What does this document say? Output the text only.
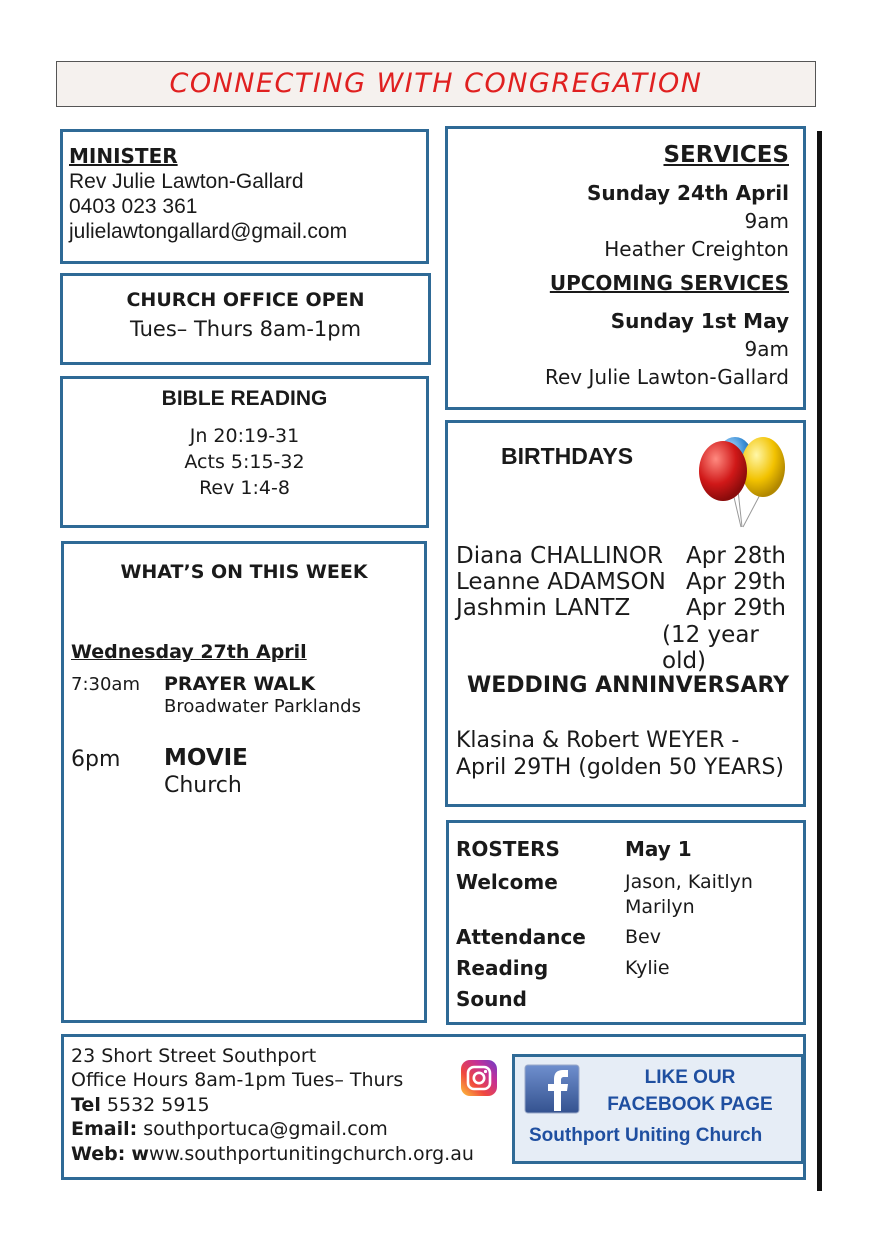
CONNECTING WITH CONGREGATION
MINISTER
Rev Julie Lawton-Gallard
0403 023 361
julielawtongallard@gmail.com
CHURCH OFFICE OPEN
Tues– Thurs 8am-1pm
BIBLE READING
Jn 20:19-31
Acts 5:15-32
Rev 1:4-8
WHAT’S ON THIS WEEK
Wednesday 27th April
7:30am PRAYER WALK
Broadwater Parklands
6pm MOVIE
Church
SERVICES
Sunday 24th April
9am
Heather Creighton
UPCOMING SERVICES
Sunday 1st May
9am
Rev Julie Lawton-Gallard
BIRTHDAYS
Diana CHALLINOR Apr 28th
Leanne ADAMSON Apr 29th
Jashmin LANTZ Apr 29th
(12 year old)
WEDDING ANNINVERSARY
Klasina & Robert WEYER -
April 29TH (golden 50 YEARS)
ROSTERS	May 1
Welcome	Jason, Kaitlyn
Marilyn
Attendance Bev
Reading	Kylie
Sound
23 Short Street Southport
Office Hours 8am-1pm Tues– Thurs
Tel 5532 5915
Email: southportuca@gmail.com
Web: www.southportunitingchurch.org.au
LIKE OUR
FACEBOOK PAGE
Southport Uniting Church
